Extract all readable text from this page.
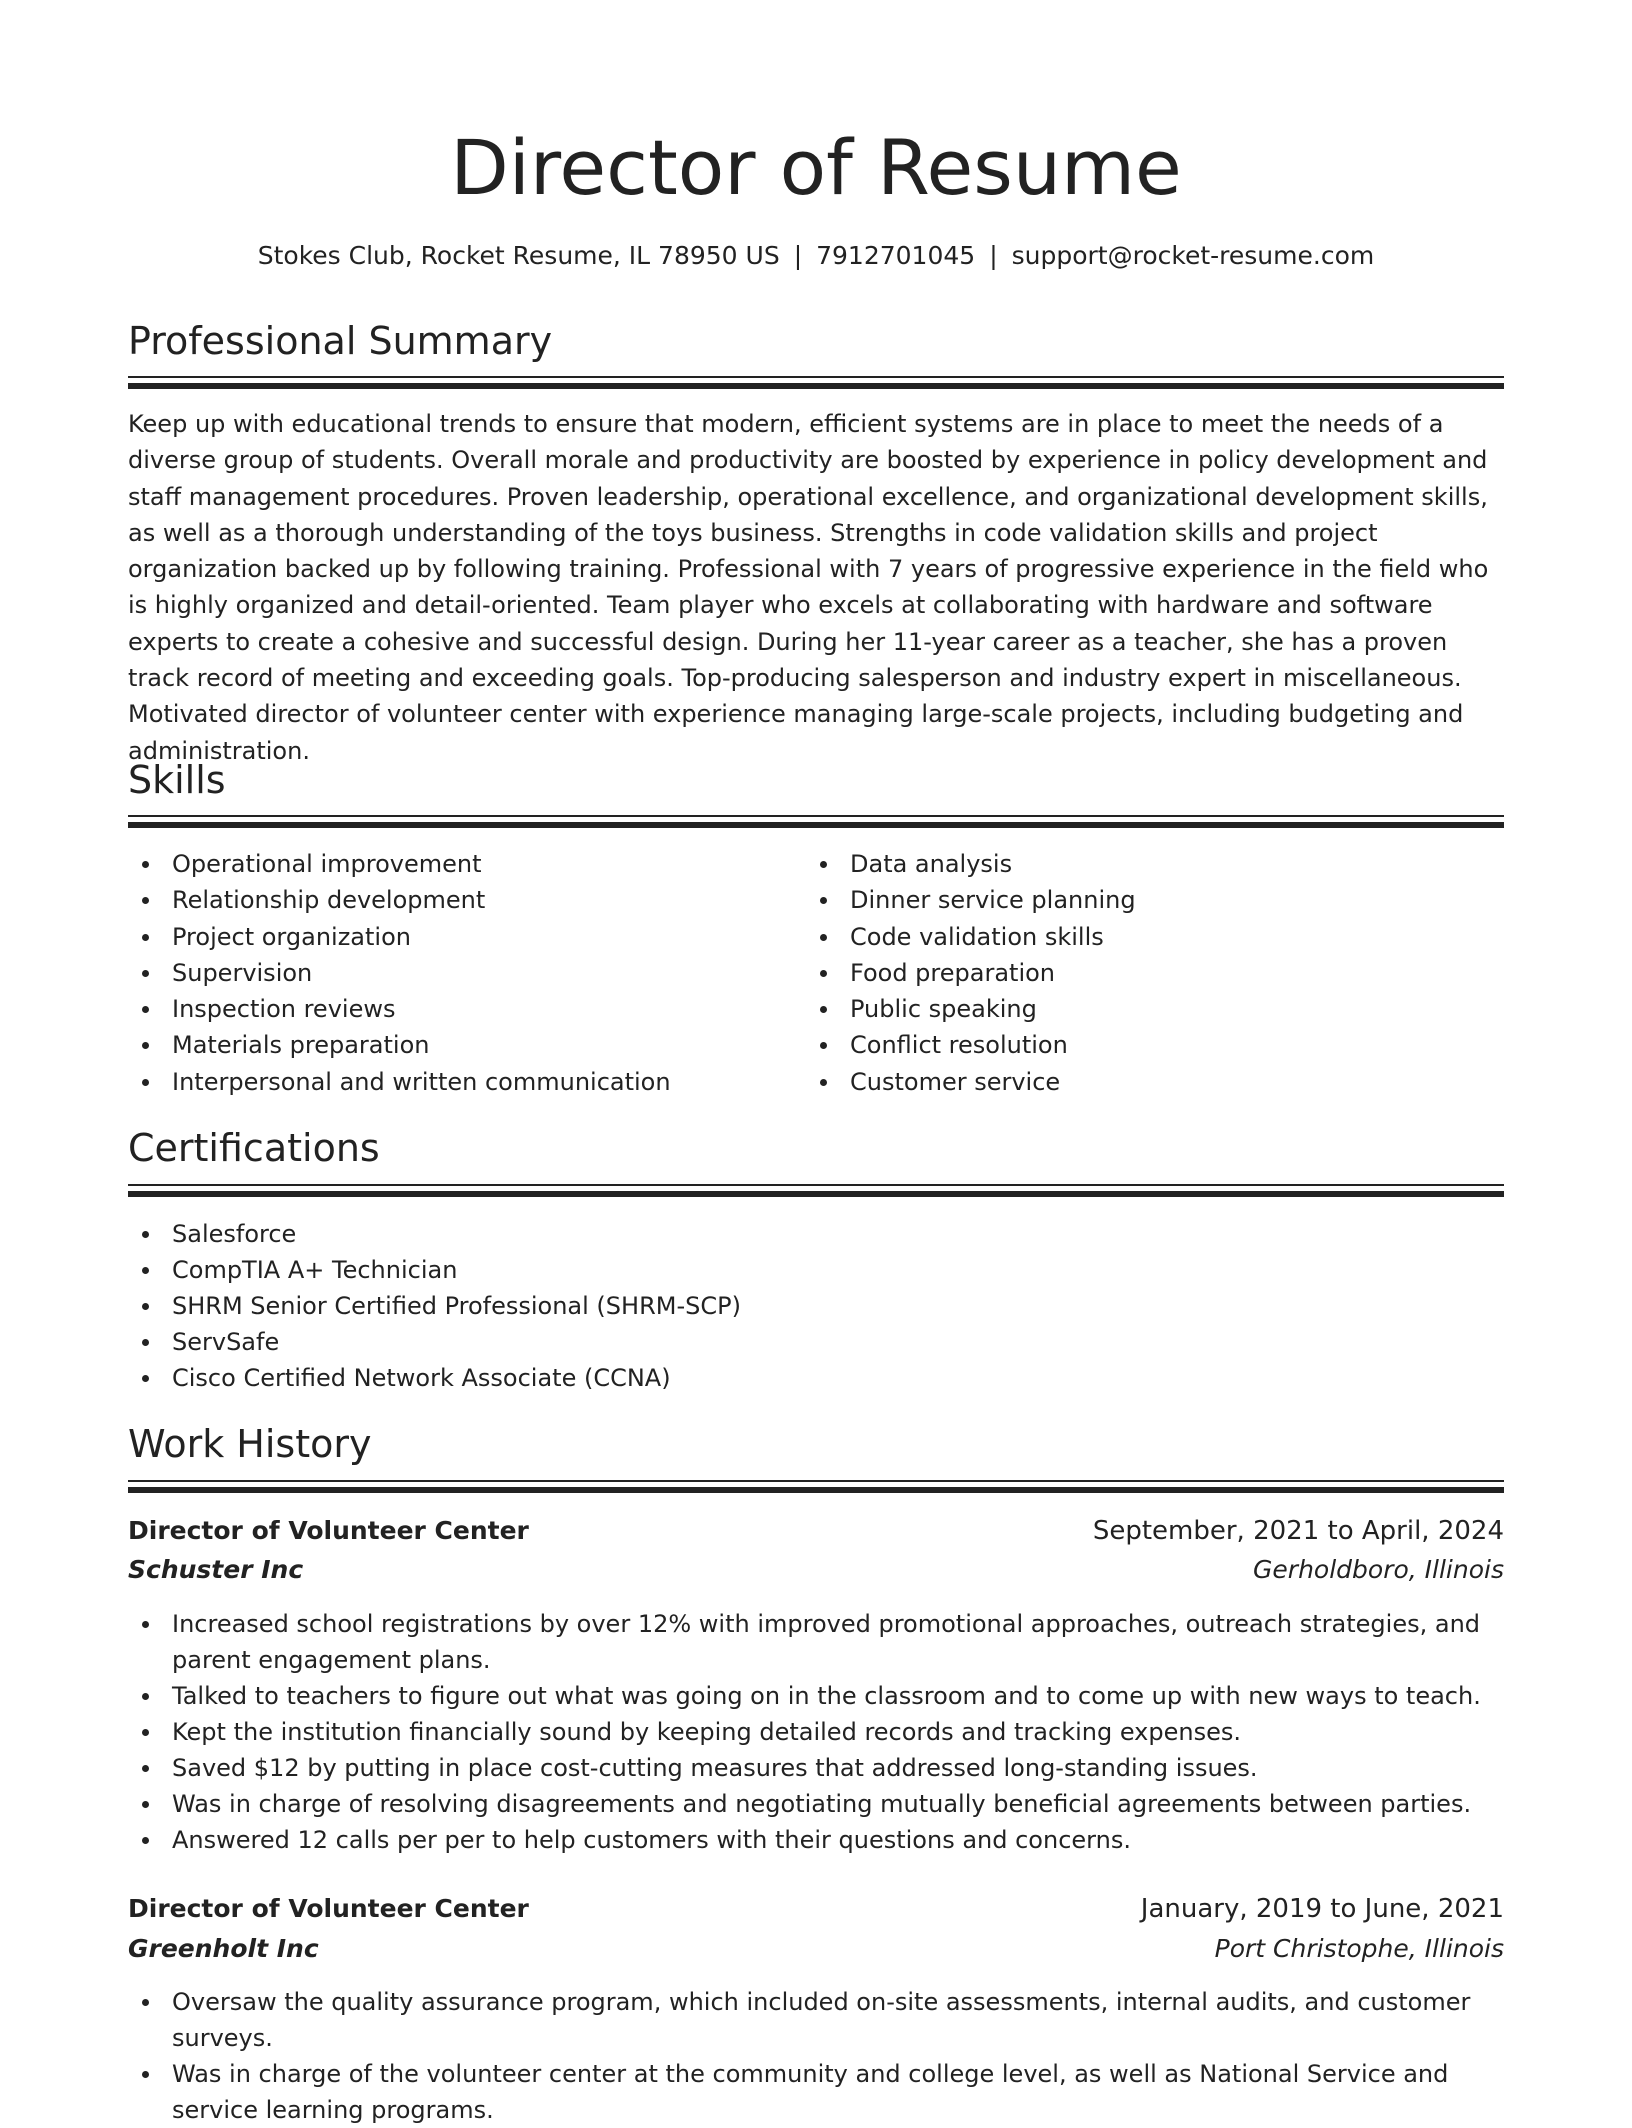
Director of Resume
Stokes Club, Rocket Resume, IL 78950 US | 7912701045 | support@rocket-resume.com
Professional Summary

Keep up with educational trends to ensure that modern, efficient systems are in place to meet the needs of a diverse group of students. Overall morale and productivity are boosted by experience in policy development and staff management procedures. Proven leadership, operational excellence, and organizational development skills, as well as a thorough understanding of the toys business. Strengths in code validation skills and project organization backed up by following training. Professional with 7 years of progressive experience in the field who is highly organized and detail-oriented. Team player who excels at collaborating with hardware and software experts to create a cohesive and successful design. During her 11-year career as a teacher, she has a proven track record of meeting and exceeding goals. Top-producing salesperson and industry expert in miscellaneous. Motivated director of volunteer center with experience managing large-scale projects, including budgeting and administration.

Skills
Operational improvement
Relationship development
Project organization
Supervision
Inspection reviews
Materials preparation
Interpersonal and written communication
Data analysis
Dinner service planning
Code validation skills
Food preparation
Public speaking
Conflict resolution
Customer service
Certifications
Salesforce
CompTIA A+ Technician
SHRM Senior Certified Professional (SHRM-SCP)
ServSafe
Cisco Certified Network Associate (CCNA)
Work History
Director of Volunteer Center	September, 2021 to April, 2024
Schuster Inc	Gerholdboro, Illinois
Increased school registrations by over 12% with improved promotional approaches, outreach strategies, and parent engagement plans.
Talked to teachers to figure out what was going on in the classroom and to come up with new ways to teach.
Kept the institution financially sound by keeping detailed records and tracking expenses.
Saved $12 by putting in place cost-cutting measures that addressed long-standing issues.
Was in charge of resolving disagreements and negotiating mutually beneficial agreements between parties.
Answered 12 calls per per to help customers with their questions and concerns.
Director of Volunteer Center	January, 2019 to June, 2021
Greenholt Inc	Port Christophe, Illinois
Oversaw the quality assurance program, which included on-site assessments, internal audits, and customer surveys.
Was in charge of the volunteer center at the community and college level, as well as National Service and service learning programs.
